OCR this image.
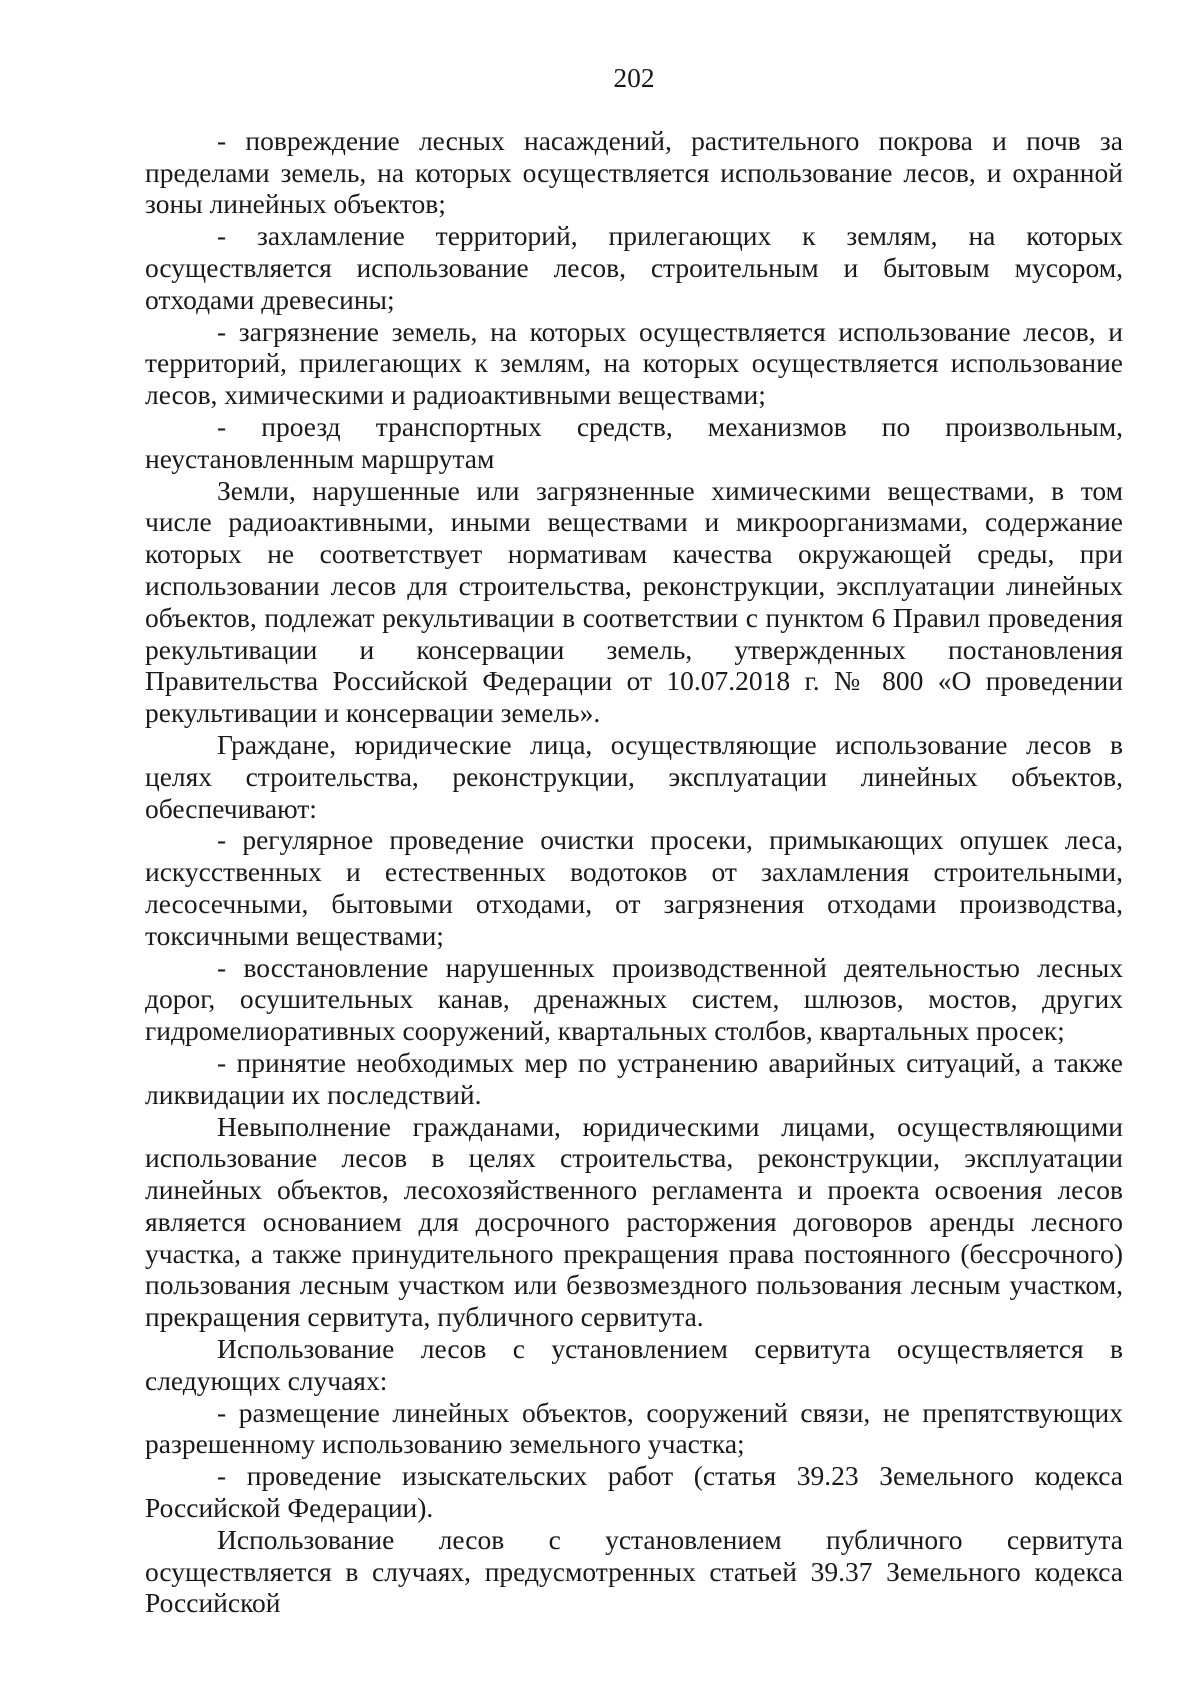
202

- повреждение лесных насаждений, растительного покрова и почв за пределами земель, на которых осуществляется использование лесов, и охранной зоны линейных объектов;

- захламление территорий, прилегающих к землям, на которых осуществляется использование лесов, строительным и бытовым мусором, отходами древесины;

- загрязнение земель, на которых осуществляется использование лесов, и территорий, прилегающих к землям, на которых осуществляется использование лесов, химическими и радиоактивными веществами;

- проезд транспортных средств, механизмов по произвольным, неустановленным маршрутам

Земли, нарушенные или загрязненные химическими веществами, в том числе радиоактивными, иными веществами и микроорганизмами, содержание которых не соответствует нормативам качества окружающей среды, при использовании лесов для строительства, реконструкции, эксплуатации линейных объектов, подлежат рекультивации в соответствии с пунктом 6 Правил проведения рекультивации и консервации земель, утвержденных постановления Правительства Российской Федерации от 10.07.2018 г. № 800 «О проведении рекультивации и консервации земель».

Граждане, юридические лица, осуществляющие использование лесов в целях строительства, реконструкции, эксплуатации линейных объектов, обеспечивают:

- регулярное проведение очистки просеки, примыкающих опушек леса, искусственных и естественных водотоков от захламления строительными, лесосечными, бытовыми отходами, от загрязнения отходами производства, токсичными веществами;

- восстановление нарушенных производственной деятельностью лесных дорог, осушительных канав, дренажных систем, шлюзов, мостов, других гидромелиоративных сооружений, квартальных столбов, квартальных просек;

- принятие необходимых мер по устранению аварийных ситуаций, а также ликвидации их последствий.

Невыполнение гражданами, юридическими лицами, осуществляющими использование лесов в целях строительства, реконструкции, эксплуатации линейных объектов, лесохозяйственного регламента и проекта освоения лесов является основанием для досрочного расторжения договоров аренды лесного участка, а также принудительного прекращения права постоянного (бессрочного) пользования лесным участком или безвозмездного пользования лесным участком, прекращения сервитута, публичного сервитута.

Использование лесов с установлением сервитута осуществляется в следующих случаях:

- размещение линейных объектов, сооружений связи, не препятствующих разрешенному использованию земельного участка;

- проведение изыскательских работ (статья 39.23 Земельного кодекса Российской Федерации).

Использование лесов с установлением публичного сервитута осуществляется в случаях, предусмотренных статьей 39.37 Земельного кодекса Российской
